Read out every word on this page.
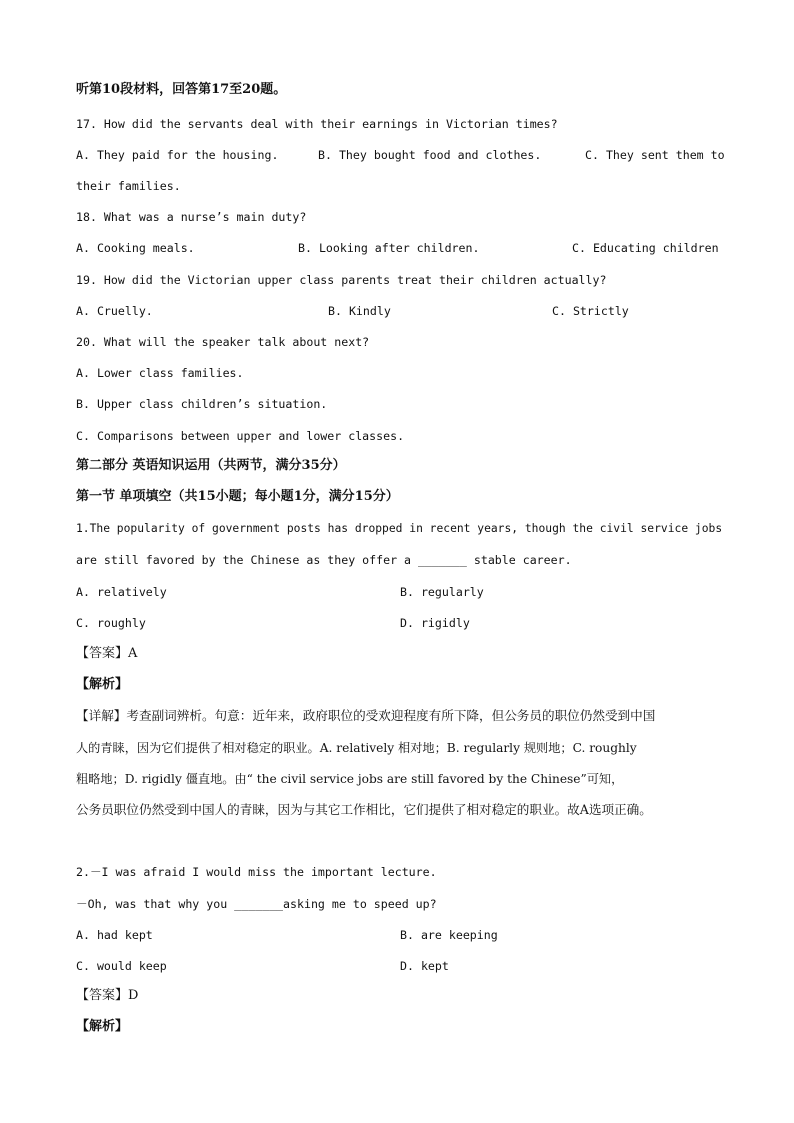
听第10段材料，回答第17至20题。
17. How did the servants deal with their earnings in Victorian times?
A. They paid for the housing.	B. They bought food and clothes.	C. They sent them to
their families.
18. What was a nurse’s main duty?
A. Cooking meals.	B. Looking after children.	C. Educating children
19. How did the Victorian upper class parents treat their children actually?
A. Cruelly.	B. Kindly	C. Strictly
20. What will the speaker talk about next?
A. Lower class families.
B. Upper class children’s situation.
C. Comparisons between upper and lower classes.
第二部分 英语知识运用（共两节，满分35分）
第一节 单项填空（共15小题；每小题1分，满分15分）
1.The popularity of government posts has dropped in recent years, though the civil service jobs
are still favored by the Chinese as they offer a _______ stable career.
A. relatively	B. regularly
C. roughly	D. rigidly
【答案】A
【解析】
【详解】考查副词辨析。句意：近年来，政府职位的受欢迎程度有所下降，但公务员的职位仍然受到中国
人的青睐，因为它们提供了相对稳定的职业。A. relatively 相对地；B. regularly 规则地；C. roughly
粗略地；D. rigidly 僵直地。由“ the civil service jobs are still favored by the Chinese”可知，
公务员职位仍然受到中国人的青睐，因为与其它工作相比，它们提供了相对稳定的职业。故A选项正确。
2.－I was afraid I would miss the important lecture.
－Oh, was that why you _______asking me to speed up?
A. had kept	B. are keeping
C. would keep	D. kept
【答案】D
【解析】
